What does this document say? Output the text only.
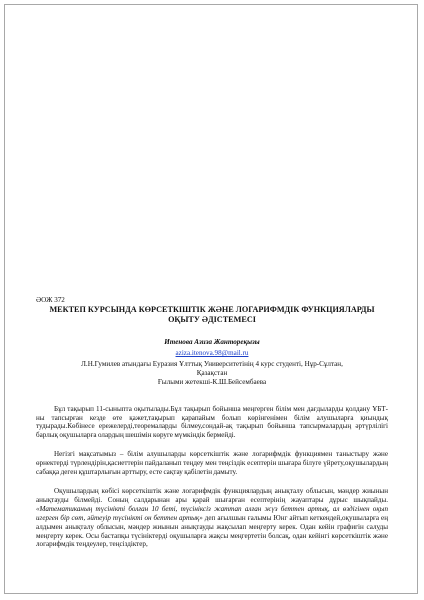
ӘОЖ 372

МЕКТЕП КУРСЫНДА КӨРСЕТКІШТІК ЖӘНЕ ЛОГАРИФМДІК ФУНКЦИЯЛАРДЫ

ОҚЫТУ ӘДІСТЕМЕСІ

Итенова Азиза Жантореқызы

aziza.itenova.98@mail.ru

Л.Н.Гумилев атындағы Еуразия Ұлттық Университетінің 4 курс студенті, Нұр-Сұлтан,

Қазақстан

Ғылыми жетекші-К.Ш.Бейсембаева

Бұл тақырып 11-сыныпта оқытылады.Бұл тақырып бойынша меңгерген білім мен дағдыларды қолдану ҰБТ-ны тапсырған кезде өте қажет,тақырып қарапайым болып көрінгенімен білім алушыларға қиындық тудырады.Көбінесе ережелерді,теоремаларды білмеу,сондай-ақ тақырып бойынша тапсырмалардың әртүрлілігі барлық оқушыларға олардың шешімін көруге мүмкіндік бермейді.

Негізгі мақсатымыз – білім алушыларды көрсеткіштік және логарифмдік функциямен таныстыру және өрнектерді түрлендірін,қасиеттерін пайдаланып теңдеу мен теңсіздік есептерін шығара білуге үйрету,оқушылардың сабаққа деген құштарлығын арттыру, есте сақтау қабілетін дамыту.

Оқушылардың көбісі көрсеткіштік және логарифмдік функциялардың анықталу облысын, мәндер жиынын анықтауды білмейді. Соның салдарынан ары қарай шығарған есептерінің жауаптары дұрыс шықпайды. «Математиканың түсінікті болған 10 беті, түсініксіз жаттап алған жүз беттен артық, ал өздігінен оқып игерген бір сөт, әйтеуір түсінікті он беттен артық» деп ағылшын ғалымы Юнг айтып кеткендей,оқушыларға ең алдымен анықталу облысын, мәндер жиынын анықтауды жақсылап меңгерту керек. Одан кейін графигін салуды меңгерту керек. Осы бастапқы түсініктерді оқушыларға жақсы меңгертетін болсақ, одан кейінгі көрсеткіштік және логарифмдік теңдеулер, теңсіздіктер,
